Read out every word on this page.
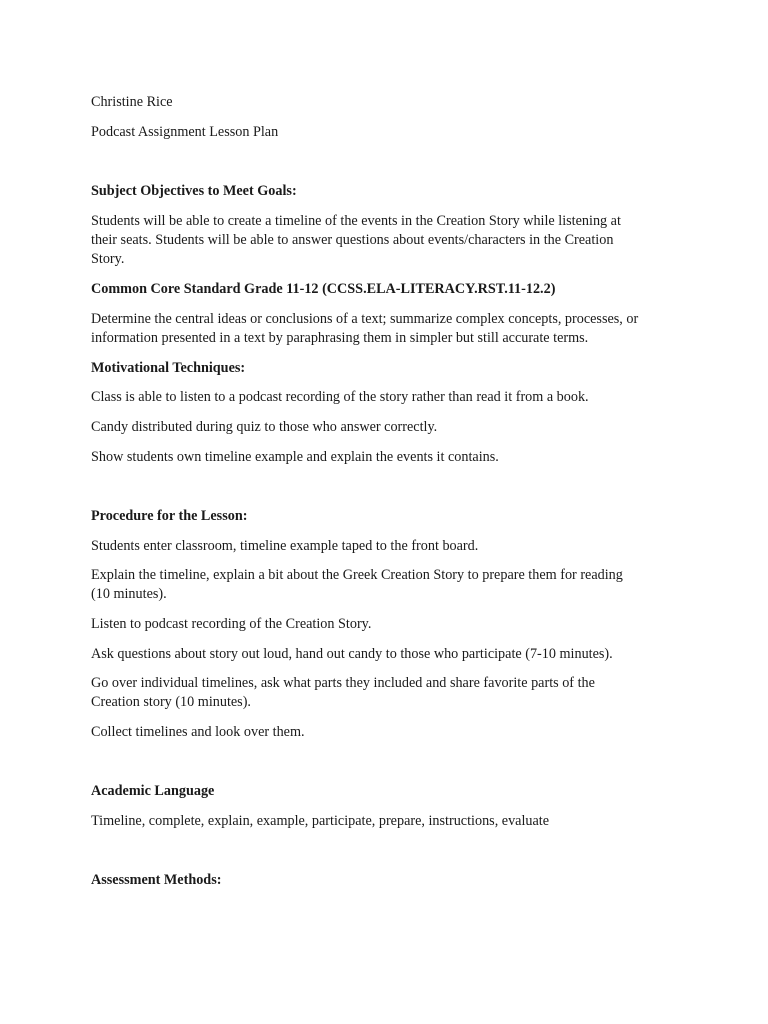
Christine Rice
Podcast Assignment Lesson Plan
Subject Objectives to Meet Goals:
Students will be able to create a timeline of the events in the Creation Story while listening at
their seats. Students will be able to answer questions about events/characters in the Creation
Story.
Common Core Standard Grade 11-12 (CCSS.ELA-LITERACY.RST.11-12.2)
Determine the central ideas or conclusions of a text; summarize complex concepts, processes, or
information presented in a text by paraphrasing them in simpler but still accurate terms.
Motivational Techniques:
Class is able to listen to a podcast recording of the story rather than read it from a book.
Candy distributed during quiz to those who answer correctly.
Show students own timeline example and explain the events it contains.
Procedure for the Lesson:
Students enter classroom, timeline example taped to the front board.
Explain the timeline, explain a bit about the Greek Creation Story to prepare them for reading
(10 minutes).
Listen to podcast recording of the Creation Story.
Ask questions about story out loud, hand out candy to those who participate (7-10 minutes).
Go over individual timelines, ask what parts they included and share favorite parts of the
Creation story (10 minutes).
Collect timelines and look over them.
Academic Language
Timeline, complete, explain, example, participate, prepare, instructions, evaluate
Assessment Methods:
